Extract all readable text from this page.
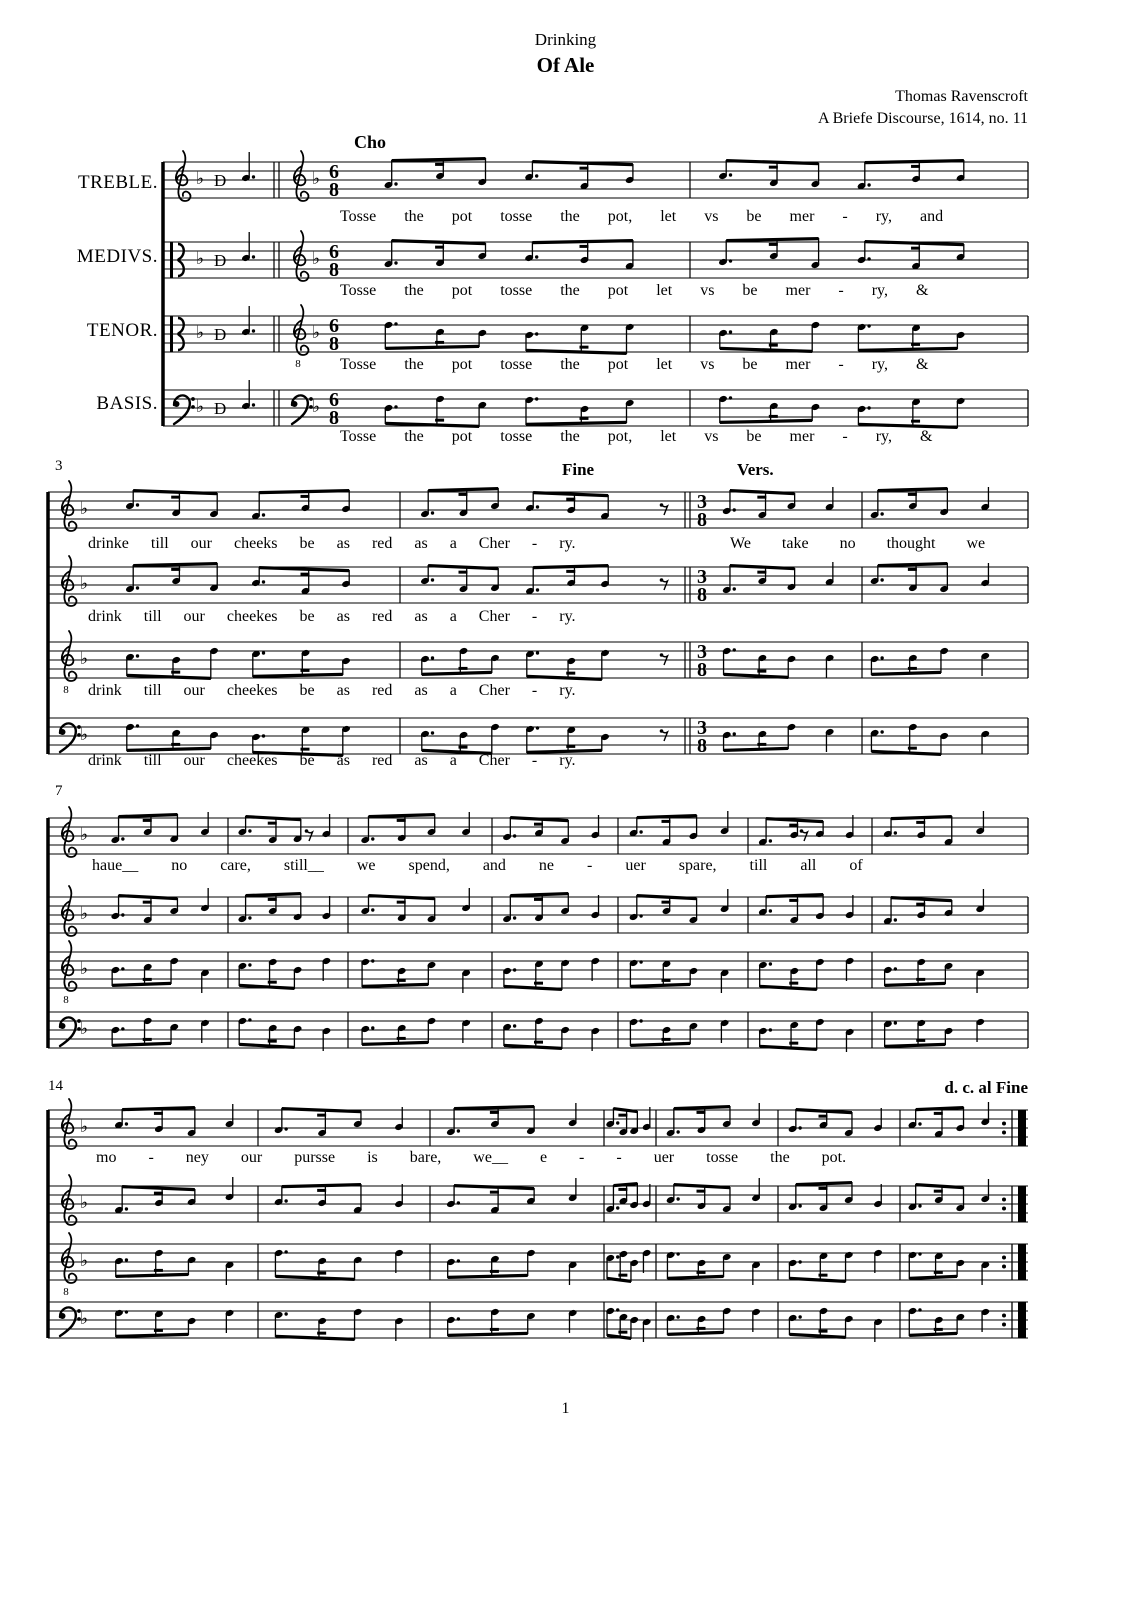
♭ Ð	♭ 6
8
♭ Ð	♭ 6
8
♭ Ð
8
♭ 6
8
♭ Ð	♭ 6
8
♭	3
8
♭	3
8
8
♭	3
8
♭	3
8
♭
♭
8
♭
♭
♭
♭
8
♭
♭
Drinking
Of Ale
Thomas Ravenscroft
A Briefe Discourse, 1614, no. 11
Cho
Fine	Vers.
d. c. al Fine
3
7
14
TREBLE.
MEDIVS.
TENOR.
BASIS.
Tosse the pot tosse the pot, let vs be mer - ry, and
Tosse the pot tosse the pot let vs be mer - ry, &
Tosse the pot tosse the pot let vs be mer - ry, &
Tosse the pot tosse the pot, let vs be mer - ry, &
drinke till our cheeks be as red as a Cher - ry.	We take no thought we
drink till our cheekes be as red as a Cher - ry.
drink till our cheekes be as red as a Cher - ry.
drink till our cheekes be as red as a Cher - ry.
haue__ no care, still__ we spend, and ne - uer spare, till all of
mo - ney our pursse is bare, we__ e - - uer tosse the pot.
1
